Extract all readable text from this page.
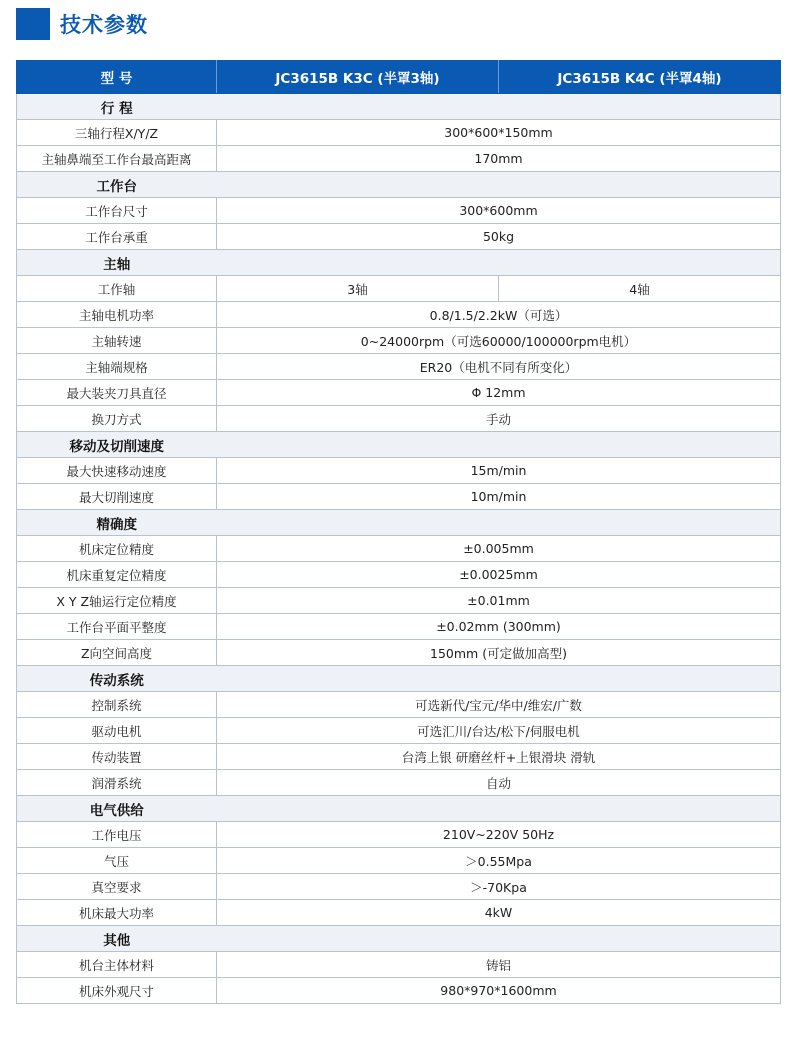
技术参数
型 号	JC3615B K3C (半罩3轴)	JC3615B K4C (半罩4轴)
行 程		
三轴行程X/Y/Z	300*600*150mm	
主轴鼻端至工作台最高距离	170mm	
工作台		
工作台尺寸	300*600mm	
工作台承重	50kg	
主轴		
工作轴	3轴	4轴
主轴电机功率	0.8/1.5/2.2kW（可选）	
主轴转速	0~24000rpm（可选60000/100000rpm电机）	
主轴端规格	ER20（电机不同有所变化）	
最大装夹刀具直径	Φ 12mm	
换刀方式	手动	
移动及切削速度		
最大快速移动速度	15m/min	
最大切削速度	10m/min	
精确度		
机床定位精度	±0.005mm	
机床重复定位精度	±0.0025mm	
X Y Z轴运行定位精度	±0.01mm	
工作台平面平整度	±0.02mm (300mm)	
Z向空间高度	150mm (可定做加高型)	
传动系统		
控制系统	可选新代/宝元/华中/维宏/广数	
驱动电机	可选汇川/台达/松下/伺服电机	
传动装置	台湾上银 研磨丝杆+上银滑块 滑轨	
润滑系统	自动	
电气供给		
工作电压	210V~220V 50Hz	
气压	＞0.55Mpa	
真空要求	＞-70Kpa	
机床最大功率	4kW	
其他		
机台主体材料	铸铝	
机床外观尺寸	980*970*1600mm	
